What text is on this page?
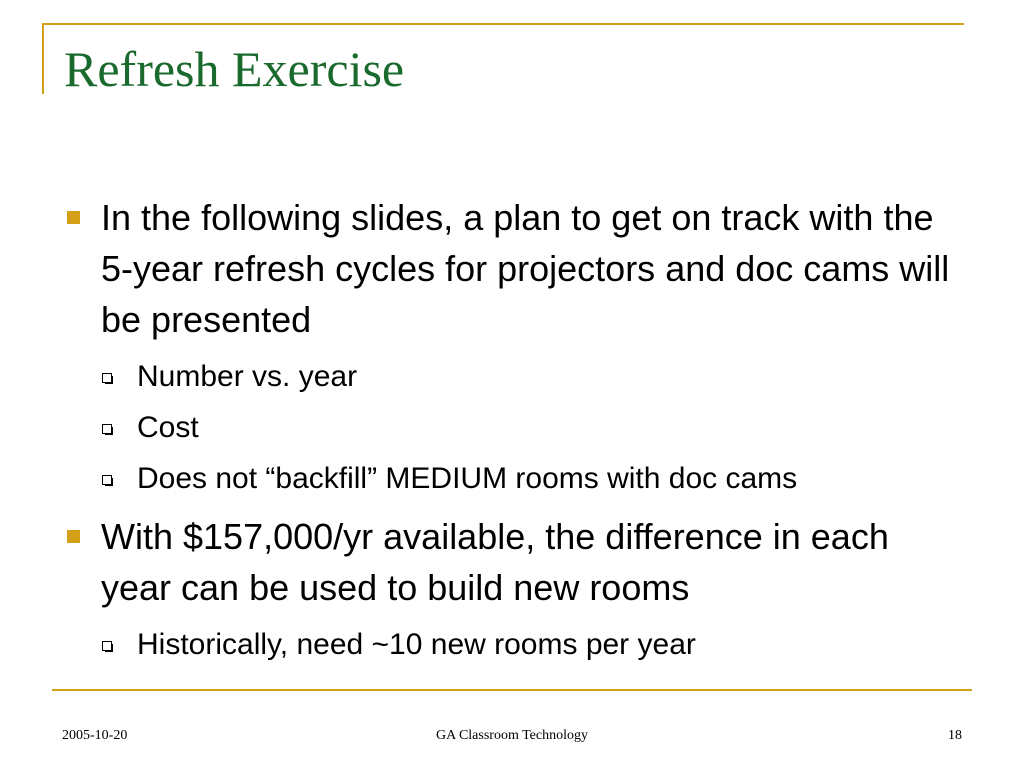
Refresh Exercise

In the following slides, a plan to get on track with the 5-year refresh cycles for projectors and doc cams will be presented

Number vs. year

Cost

Does not “backfill” MEDIUM rooms with doc cams

With $157,000/yr available, the difference in each year can be used to build new rooms

Historically, need ~10 new rooms per year

2005-10-20	GA Classroom Technology	18
